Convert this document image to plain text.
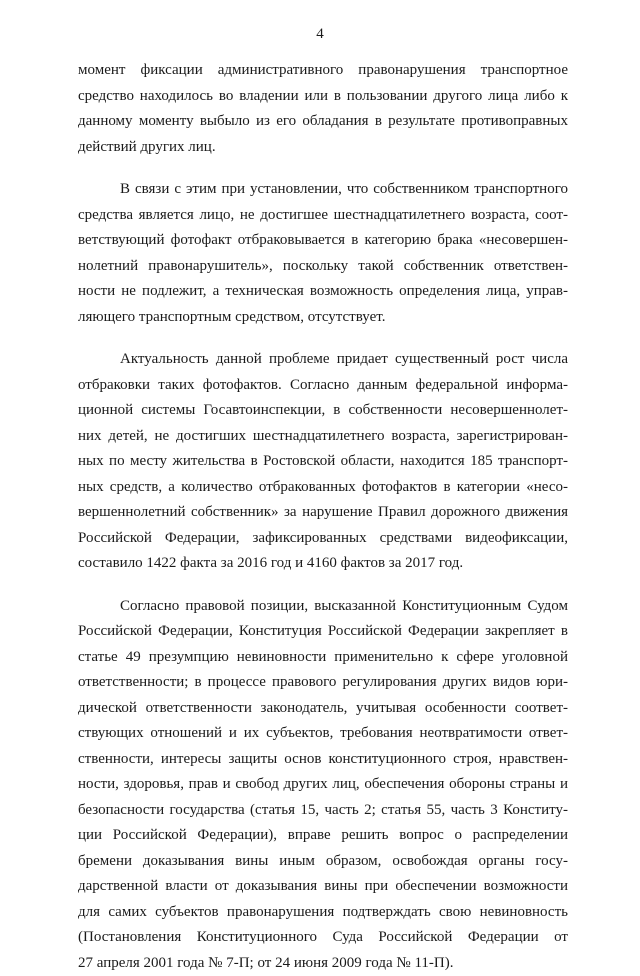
4

момент фиксации административного правонарушения транспортное
средство находилось во владении или в пользовании другого лица либо к
данному моменту выбыло из его обладания в результате противоправных
действий других лиц.

В связи с этим при установлении, что собственником транспортного
средства является лицо, не достигшее шестнадцатилетнего возраста, соот-
ветствующий фотофакт отбраковывается в категорию брака «несовершен-
нолетний правонарушитель», поскольку такой собственник ответствен-
ности не подлежит, а техническая возможность определения лица, управ-
ляющего транспортным средством, отсутствует.

Актуальность данной проблеме придает существенный рост числа
отбраковки таких фотофактов. Согласно данным федеральной информа-
ционной системы Госавтоинспекции, в собственности несовершеннолет-
них детей, не достигших шестнадцатилетнего возраста, зарегистрирован-
ных по месту жительства в Ростовской области, находится 185 транспорт-
ных средств, а количество отбракованных фотофактов в категории «несо-
вершеннолетний собственник» за нарушение Правил дорожного движения
Российской Федерации, зафиксированных средствами видеофиксации,
составило 1422 факта за 2016 год и 4160 фактов за 2017 год.

Согласно правовой позиции, высказанной Конституционным Судом
Российской Федерации, Конституция Российской Федерации закрепляет в
статье 49 презумпцию невиновности применительно к сфере уголовной
ответственности; в процессе правового регулирования других видов юри-
дической ответственности законодатель, учитывая особенности соответ-
ствующих отношений и их субъектов, требования неотвратимости ответ-
ственности, интересы защиты основ конституционного строя, нравствен-
ности, здоровья, прав и свобод других лиц, обеспечения обороны страны и
безопасности государства (статья 15, часть 2; статья 55, часть 3 Конститу-
ции Российской Федерации), вправе решить вопрос о распределении
бремени доказывания вины иным образом, освобождая органы госу-
дарственной власти от доказывания вины при обеспечении возможности
для самих субъектов правонарушения подтверждать свою невиновность
(Постановления Конституционного Суда Российской Федерации от
27 апреля 2001 года № 7-П; от 24 июня 2009 года № 11-П).
